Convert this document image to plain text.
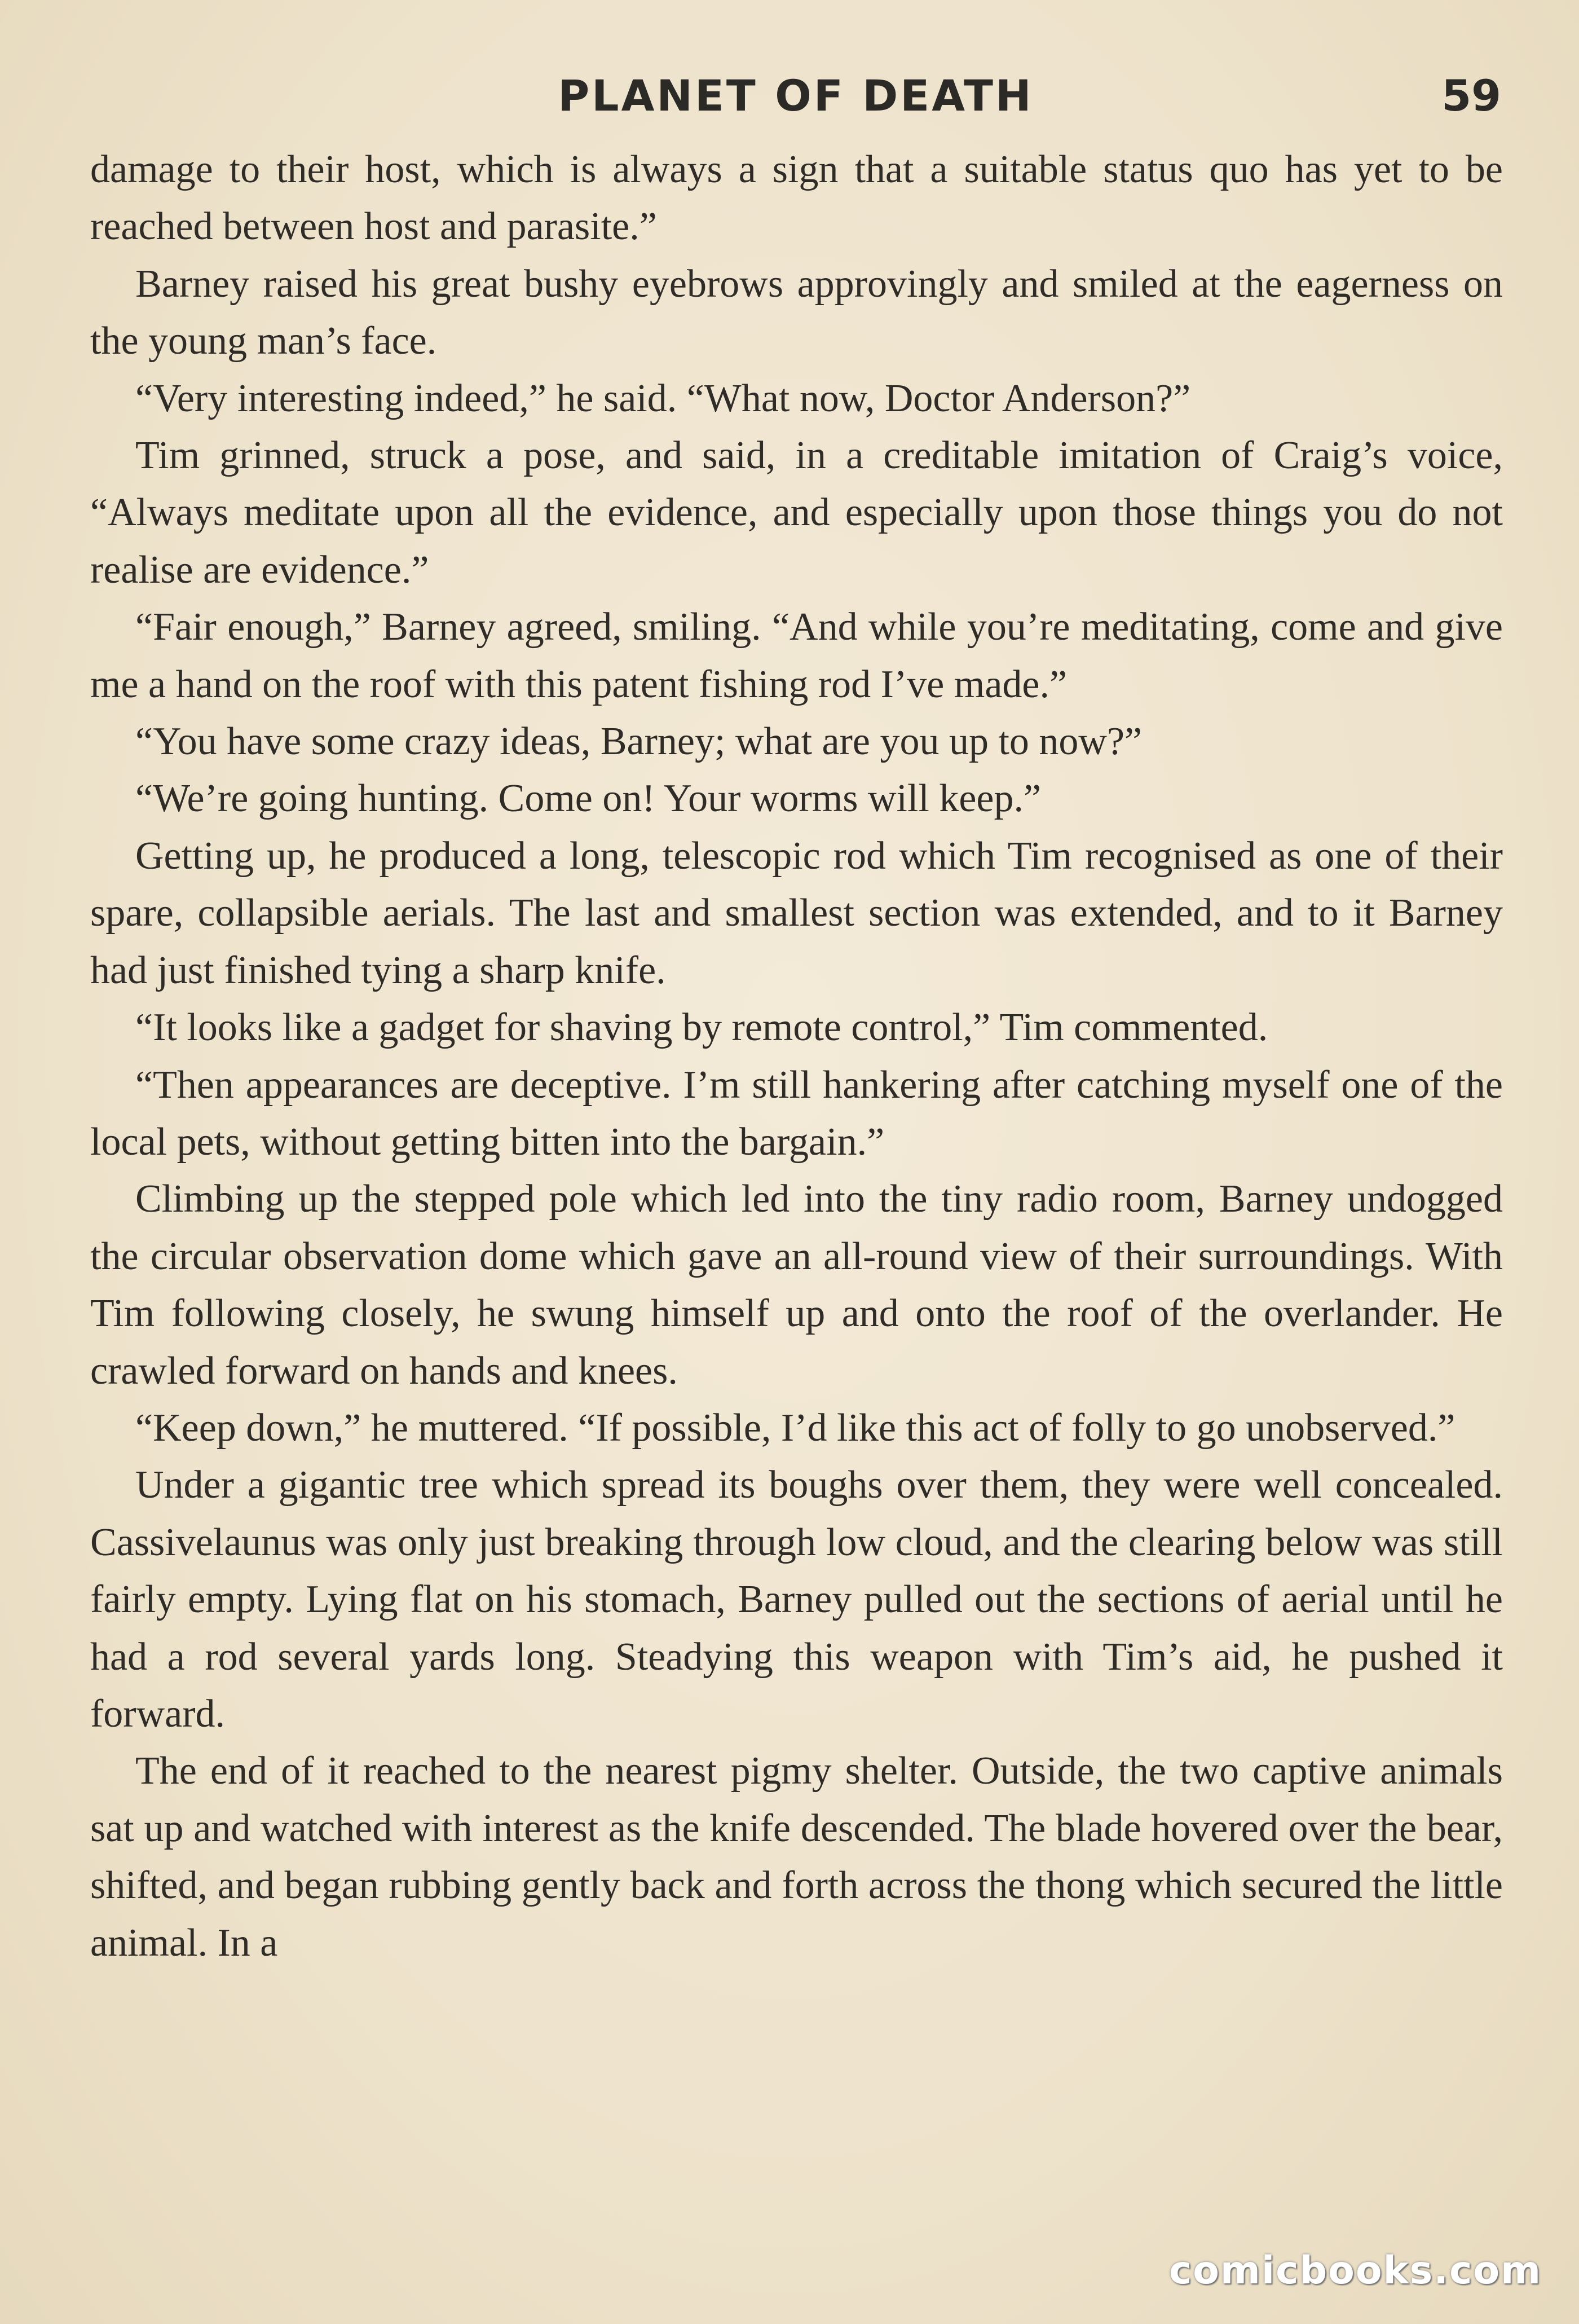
PLANET OF DEATH	59

damage to their host, which is always a sign that a suitable status quo has yet to be reached between host and parasite.”

Barney raised his great bushy eyebrows approvingly and smiled at the eagerness on the young man’s face.

“Very interesting indeed,” he said. “What now, Doctor Anderson?”

Tim grinned, struck a pose, and said, in a creditable imitation of Craig’s voice, “Always meditate upon all the evidence, and especially upon those things you do not realise are evidence.”

“Fair enough,” Barney agreed, smiling. “And while you’re meditating, come and give me a hand on the roof with this patent fishing rod I’ve made.”

“You have some crazy ideas, Barney; what are you up to now?”

“We’re going hunting. Come on! Your worms will keep.”

Getting up, he produced a long, telescopic rod which Tim recognised as one of their spare, collapsible aerials. The last and smallest section was extended, and to it Barney had just finished tying a sharp knife.

“It looks like a gadget for shaving by remote control,” Tim commented.

“Then appearances are deceptive. I’m still hankering after catching myself one of the local pets, without getting bitten into the bargain.”

Climbing up the stepped pole which led into the tiny radio room, Barney undogged the circular observation dome which gave an all-round view of their surroundings. With Tim following closely, he swung himself up and onto the roof of the overlander. He crawled forward on hands and knees.

“Keep down,” he muttered. “If possible, I’d like this act of folly to go unobserved.”

Under a gigantic tree which spread its boughs over them, they were well concealed. Cassivelaunus was only just breaking through low cloud, and the clearing below was still fairly empty. Lying flat on his stomach, Barney pulled out the sections of aerial until he had a rod several yards long. Steadying this weapon with Tim’s aid, he pushed it forward.

The end of it reached to the nearest pigmy shelter. Outside, the two captive animals sat up and watched with interest as the knife descended. The blade hovered over the bear, shifted, and began rubbing gently back and forth across the thong which secured the little animal. In a

comicbooks.com
